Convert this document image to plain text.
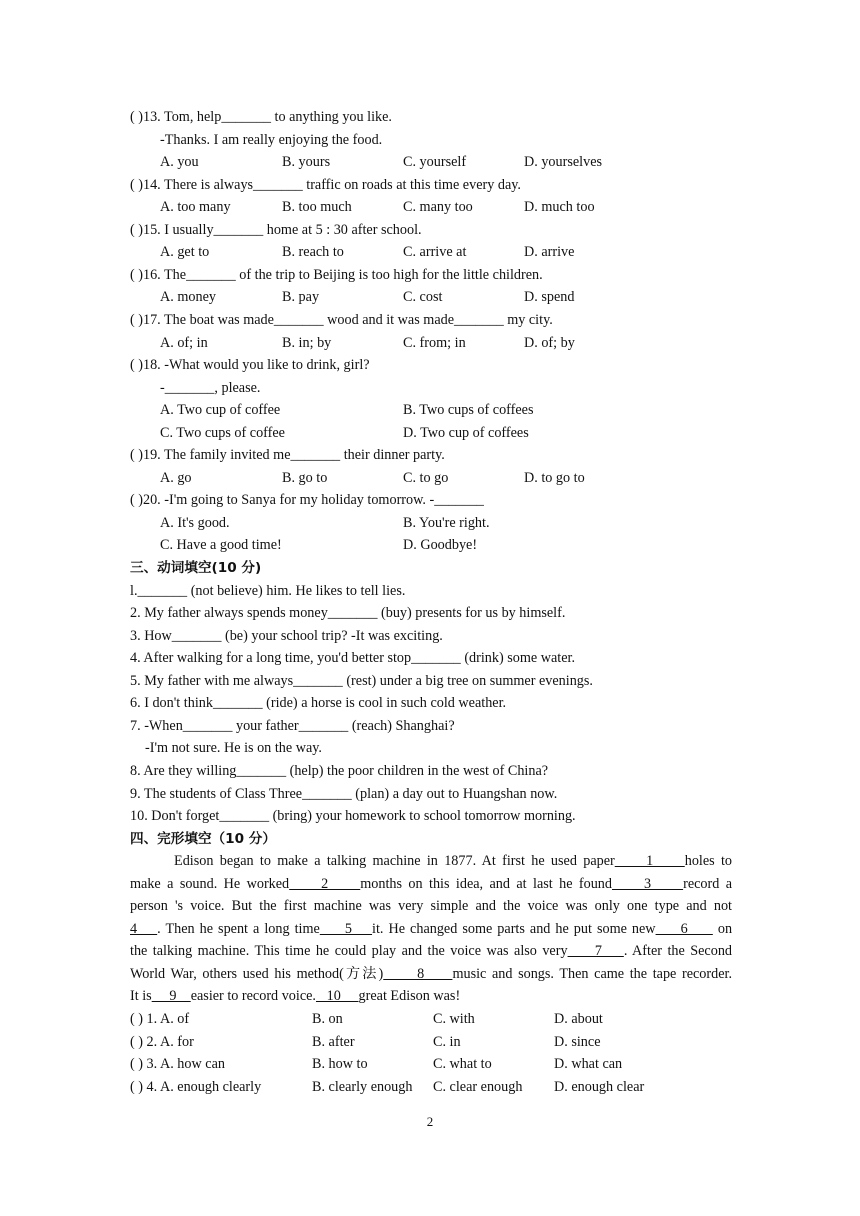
( )13. Tom, help_______ to anything you like.
-Thanks. I am really enjoying the food.
A. you	B. yours	C. yourself	D. yourselves
( )14. There is always_______ traffic on roads at this time every day.
A. too many	B. too much	C. many too	D. much too
( )15. I usually_______ home at 5 : 30 after school.
A. get to	B. reach to	C. arrive at	D. arrive
( )16. The_______ of the trip to Beijing is too high for the little children.
A. money	B. pay	C. cost	D. spend
( )17. The boat was made_______ wood and it was made_______ my city.
A. of; in	B. in; by	C. from; in	D. of; by
( )18. -What would you like to drink, girl?
-_______, please.
A. Two cup of coffee	B. Two cups of coffees
C. Two cups of coffee	D. Two cup of coffees
( )19. The family invited me_______ their dinner party.
A. go	B. go to	C. to go	D. to go to
( )20. -I'm going to Sanya for my holiday tomorrow. -_______
A. It's good.	B. You're right.
C. Have a good time!	D. Goodbye!
三、动词填空(10 分)
l._______ (not believe) him. He likes to tell lies.
2. My father always spends money_______ (buy) presents for us by himself.
3. How_______ (be) your school trip? -It was exciting.
4. After walking for a long time, you'd better stop_______ (drink) some water.
5. My father with me always_______ (rest) under a big tree on summer evenings.
6. I don't think_______ (ride) a horse is cool in such cold weather.
7. -When_______ your father_______ (reach) Shanghai?
-I'm not sure. He is on the way.
8. Are they willing_______ (help) the poor children in the west of China?
9. The students of Class Three_______ (plan) a day out to Huangshan now.
10. Don't forget_______ (bring) your homework to school tomorrow morning.
四、完形填空（10 分）
Edison began to make a talking machine in 1877. At first he used paper     1     holes to
make a sound. He worked     2     months on this idea, and at last he found     3     record a
person 's voice. But the first machine was very simple and the voice was only one type and not
4    . Then he spent a long time     5    it. He changed some parts and he put some new     6      on
the talking machine. This time he could play and the voice was also very     7    . After the Second
World War, others used his method(方法)      8     music and songs. Then came the tape recorder.
It is     9    easier to record voice.   10     great Edison was!
( ) 1. A. of	B. on	C. with	D. about
( ) 2. A. for	B. after	C. in	D. since
( ) 3. A. how can	B. how to	C. what to	D. what can
( ) 4. A. enough clearly	B. clearly enough	C. clear enough	D. enough clear
2
